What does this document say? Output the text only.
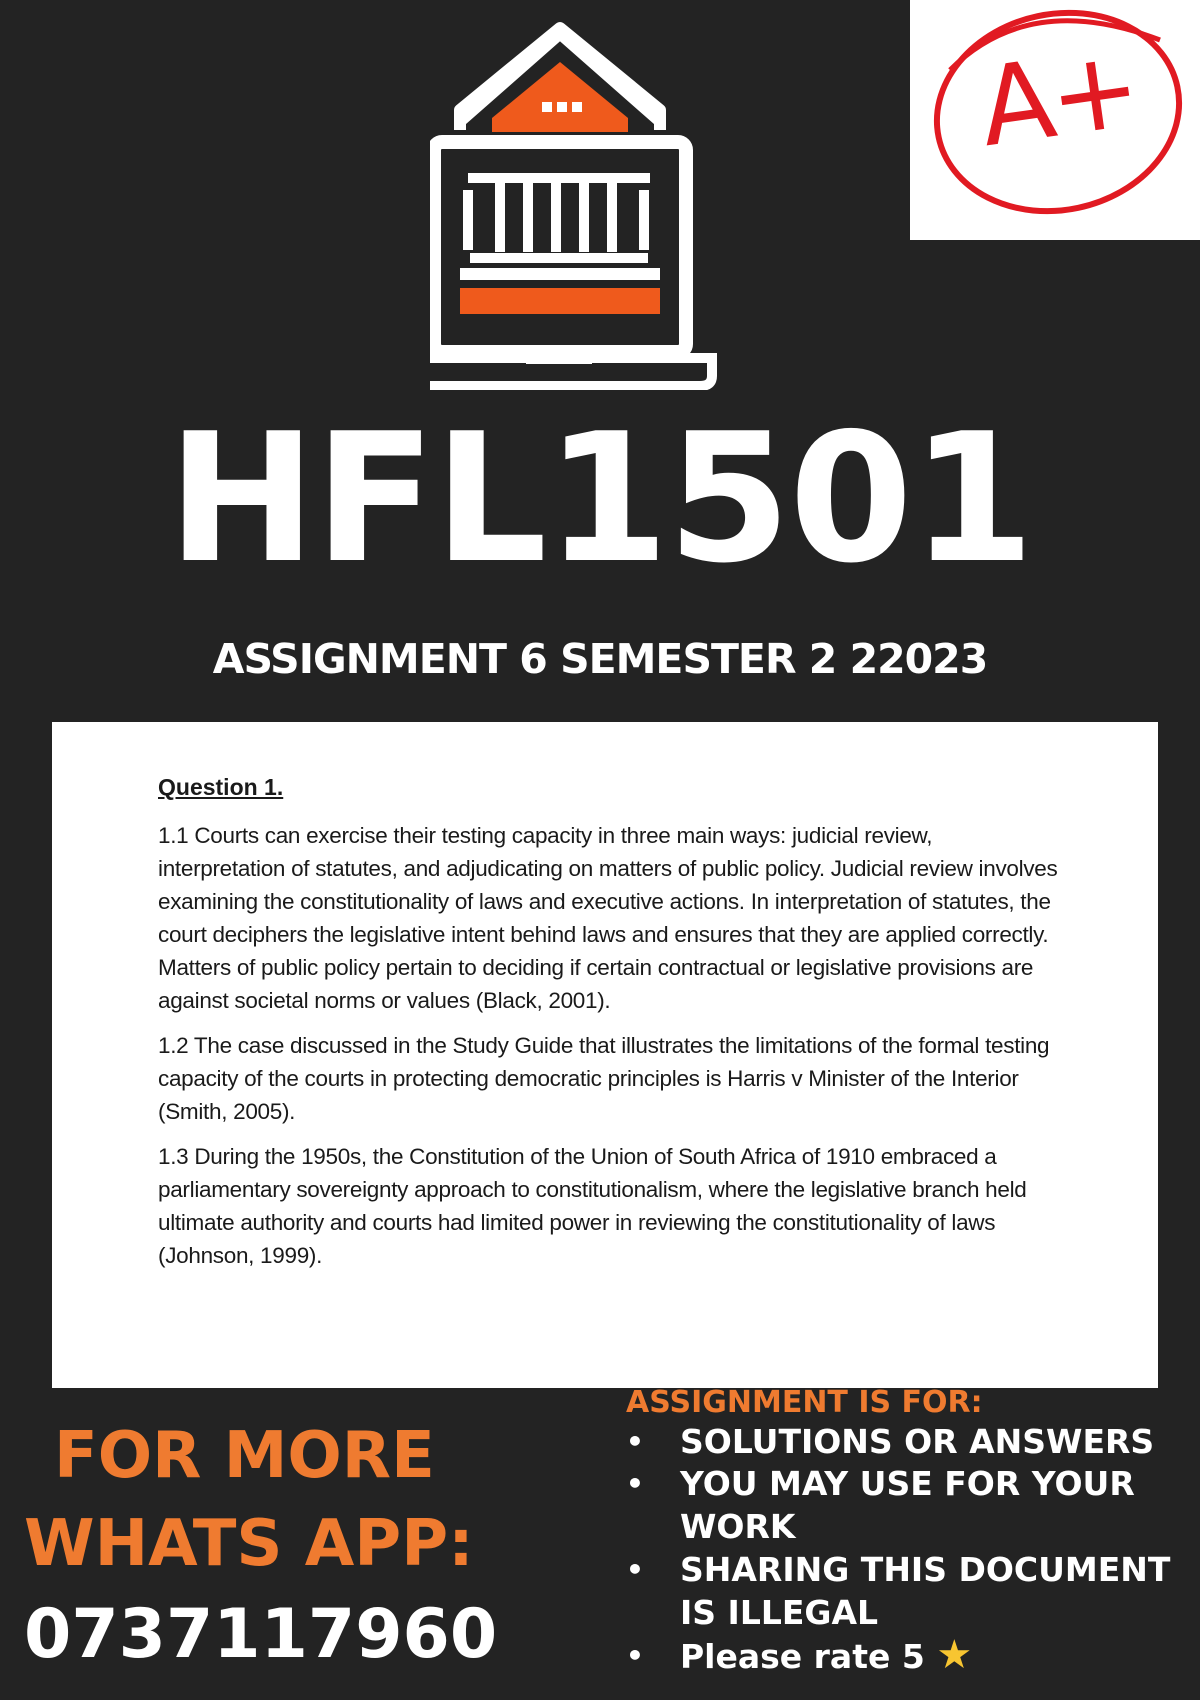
A+
HFL1501
ASSIGNMENT 6 SEMESTER 2 22023

Question 1.

1.1 Courts can exercise their testing capacity in three main ways: judicial review, interpretation of statutes, and adjudicating on matters of public policy. Judicial review involves examining the constitutionality of laws and executive actions. In interpretation of statutes, the court deciphers the legislative intent behind laws and ensures that they are applied correctly. Matters of public policy pertain to deciding if certain contractual or legislative provisions are against societal norms or values (Black, 2001).

1.2 The case discussed in the Study Guide that illustrates the limitations of the formal testing capacity of the courts in protecting democratic principles is Harris v Minister of the Interior (Smith, 2005).

1.3 During the 1950s, the Constitution of the Union of South Africa of 1910 embraced a parliamentary sovereignty approach to constitutionalism, where the legislative branch held ultimate authority and courts had limited power in reviewing the constitutionality of laws (Johnson, 1999).

FOR MORE
WHATS APP:
0737117960
ASSIGNMENT IS FOR:
• SOLUTIONS OR ANSWERS
• YOU MAY USE FOR YOUR WORK
• SHARING THIS DOCUMENT IS ILLEGAL
• Please rate 5 ★
